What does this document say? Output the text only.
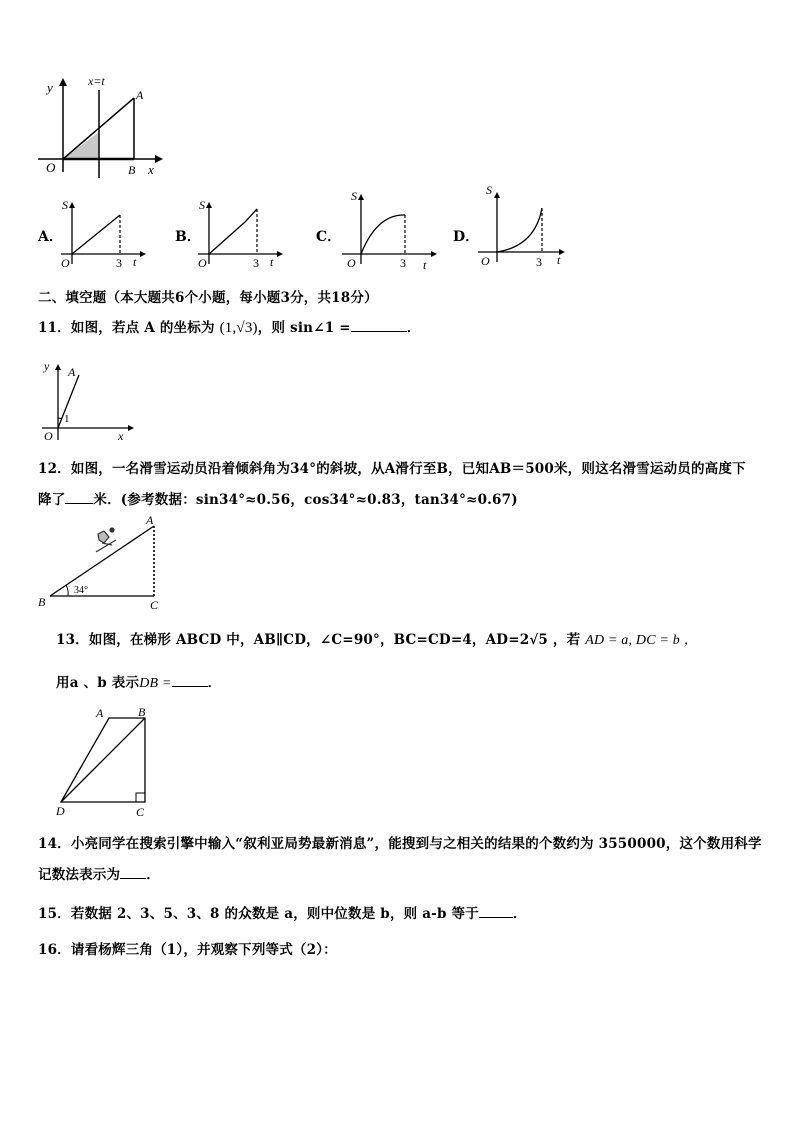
y	x=t
A
O	B x
A．
S
O	3 t
B．
S
O	3 t
C．
S
O	3 t
D．
S
O	3 t
二、填空题（本大题共6个小题，每小题3分，共18分）
11．如图，若点 A 的坐标为 (1,√3)，则 sin∠1 =	．
y A
1
O	x
12．如图，一名滑雪运动员沿着倾斜角为34°的斜坡，从A滑行至B，已知AB＝500米，则这名滑雪运动员的高度下
降了 米．(参考数据：sin34°≈0.56，cos34°≈0.83，tan34°≈0.67)
A
B	C
34°
13．如图，在梯形 ABCD 中，AB∥CD，∠C=90°，BC=CD=4，AD=2√5 ，若 AD = a, DC = b ，
用a 、b 表示DB =	．
A	B
C
D
14．小亮同学在搜索引擎中输入“叙利亚局势最新消息”，能搜到与之相关的结果的个数约为 3550000，这个数用科学
记数法表示为 ．
15．若数据 2、3、5、3、8 的众数是 a，则中位数是 b，则 a-b 等于	．
16．请看杨辉三角（1），并观察下列等式（2）：
